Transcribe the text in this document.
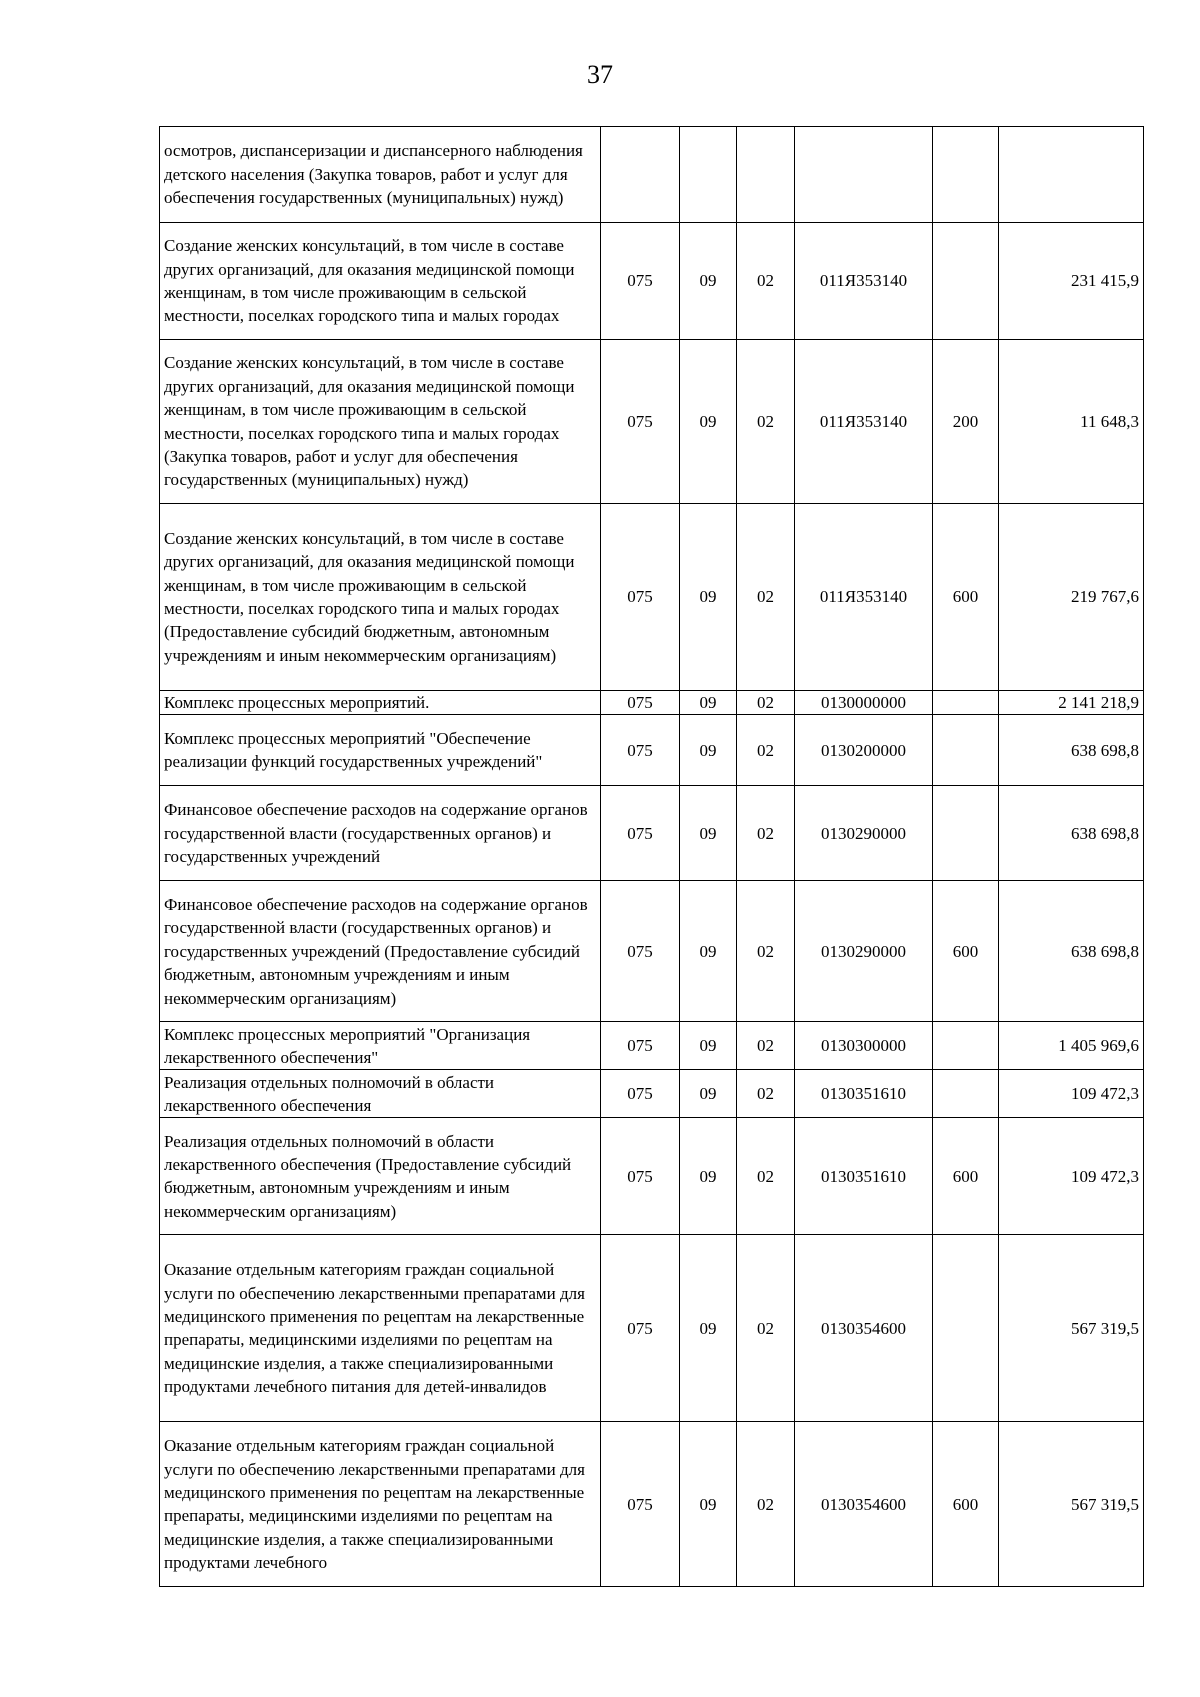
37
осмотров, диспансеризации и диспансерного наблюдения детского населения (Закупка товаров, работ и услуг для обеспечения государственных (муниципальных) нужд)						
Создание женских консультаций, в том числе в составе других организаций, для оказания медицинской помощи женщинам, в том числе проживающим в сельской местности, поселках городского типа и малых городах	075	09	02	011Я353140		231 415,9
Создание женских консультаций, в том числе в составе других организаций, для оказания медицинской помощи женщинам, в том числе проживающим в сельской местности, поселках городского типа и малых городах (Закупка товаров, работ и услуг для обеспечения государственных (муниципальных) нужд)	075	09	02	011Я353140	200	11 648,3
Создание женских консультаций, в том числе в составе других организаций, для оказания медицинской помощи женщинам, в том числе проживающим в сельской местности, поселках городского типа и малых городах (Предоставление субсидий бюджетным, автономным учреждениям и иным некоммерческим организациям)	075	09	02	011Я353140	600	219 767,6
Комплекс процессных мероприятий.	075	09	02	0130000000		2 141 218,9
Комплекс процессных мероприятий "Обеспечение реализации функций государственных учреждений"	075	09	02	0130200000		638 698,8
Финансовое обеспечение расходов на содержание органов государственной власти (государственных органов) и государственных учреждений	075	09	02	0130290000		638 698,8
Финансовое обеспечение расходов на содержание органов государственной власти (государственных органов) и государственных учреждений (Предоставление субсидий бюджетным, автономным учреждениям и иным некоммерческим организациям)	075	09	02	0130290000	600	638 698,8
Комплекс процессных мероприятий "Организация лекарственного обеспечения"	075	09	02	0130300000		1 405 969,6
Реализация отдельных полномочий в области лекарственного обеспечения	075	09	02	0130351610		109 472,3
Реализация отдельных полномочий в области лекарственного обеспечения (Предоставление субсидий бюджетным, автономным учреждениям и иным некоммерческим организациям)	075	09	02	0130351610	600	109 472,3
Оказание отдельным категориям граждан социальной услуги по обеспечению лекарственными препаратами для медицинского применения по рецептам на лекарственные препараты, медицинскими изделиями по рецептам на медицинские изделия, а также специализированными продуктами лечебного питания для детей-инвалидов	075	09	02	0130354600		567 319,5
Оказание отдельным категориям граждан социальной услуги по обеспечению лекарственными препаратами для медицинского применения по рецептам на лекарственные препараты, медицинскими изделиями по рецептам на медицинские изделия, а также специализированными продуктами лечебного	075	09	02	0130354600	600	567 319,5
